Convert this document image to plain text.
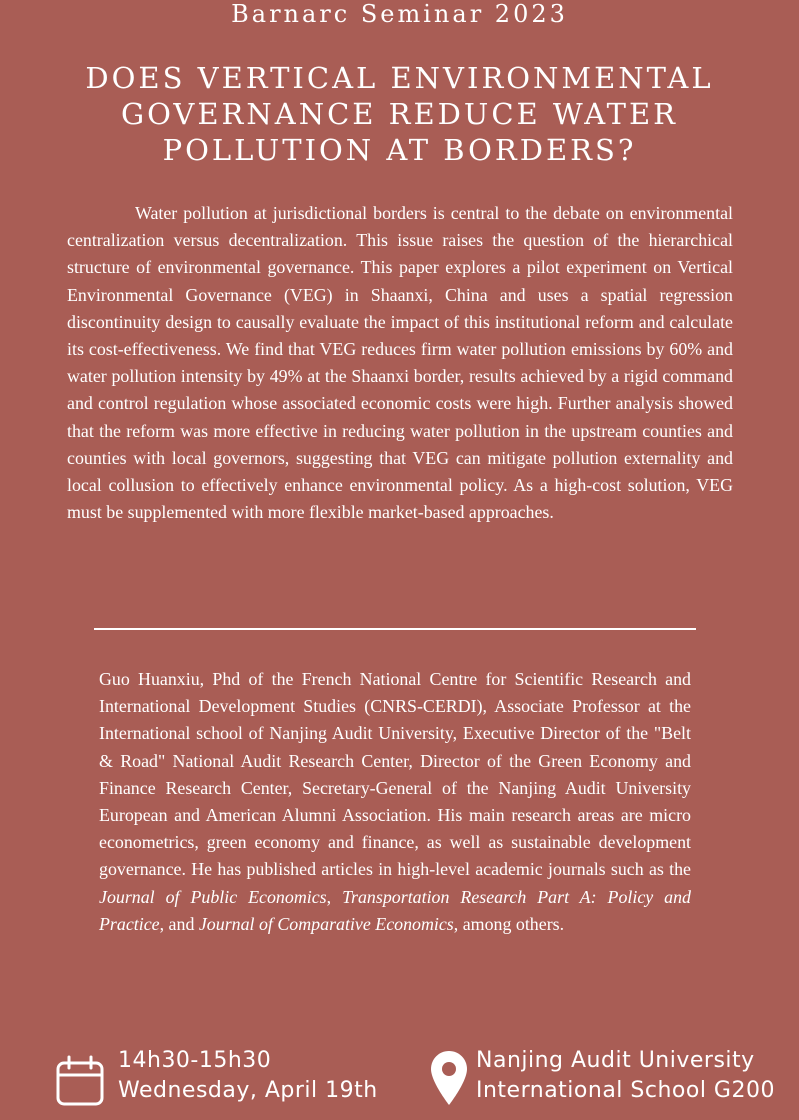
Barnarc Seminar 2023
DOES VERTICAL ENVIRONMENTAL GOVERNANCE REDUCE WATER POLLUTION AT BORDERS?

Water pollution at jurisdictional borders is central to the debate on environmental centralization versus decentralization. This issue raises the question of the hierarchical structure of environmental governance. This paper explores a pilot experiment on Vertical Environmental Governance (VEG) in Shaanxi, China and uses a spatial regression discontinuity design to causally evaluate the impact of this institutional reform and calculate its cost-effectiveness. We find that VEG reduces firm water pollution emissions by 60% and water pollution intensity by 49% at the Shaanxi border, results achieved by a rigid command and control regulation whose associated economic costs were high. Further analysis showed that the reform was more effective in reducing water pollution in the upstream counties and counties with local governors, suggesting that VEG can mitigate pollution externality and local collusion to effectively enhance environmental policy. As a high-cost solution, VEG must be supplemented with more flexible market-based approaches.

Guo Huanxiu, Phd of the French National Centre for Scientific Research and International Development Studies (CNRS-CERDI), Associate Professor at the International school of Nanjing Audit University, Executive Director of the "Belt & Road" National Audit Research Center, Director of the Green Economy and Finance Research Center, Secretary-General of the Nanjing Audit University European and American Alumni Association. His main research areas are micro econometrics, green economy and finance, as well as sustainable development governance. He has published articles in high-level academic journals such as the Journal of Public Economics, Transportation Research Part A: Policy and Practice, and Journal of Comparative Economics, among others.

14h30-15h30
Wednesday, April 19th
Nanjing Audit University
International School G200
